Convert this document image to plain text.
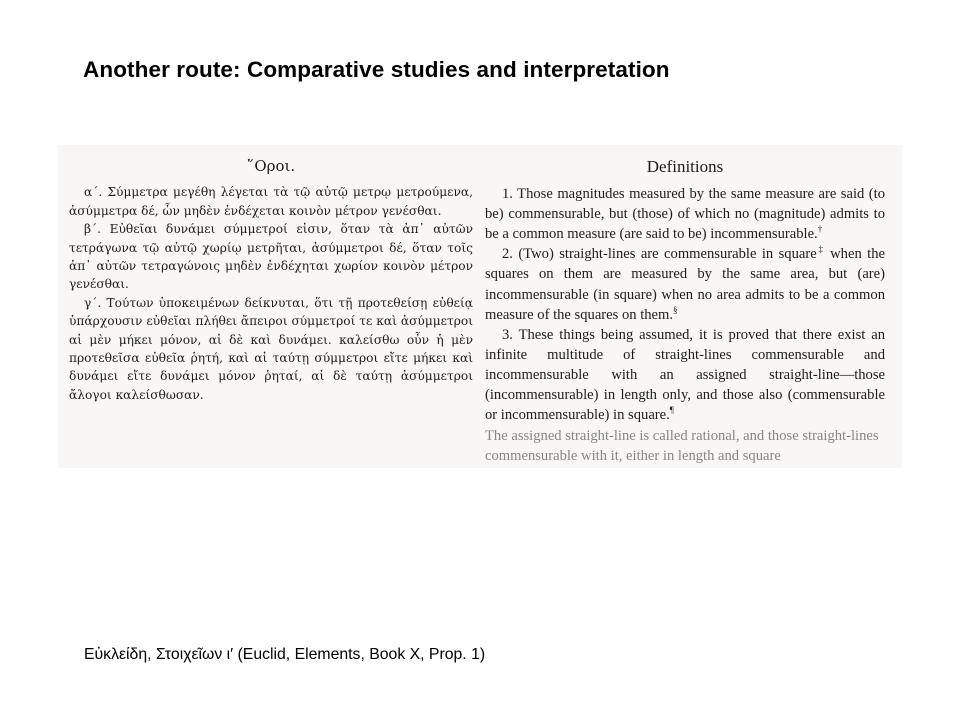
Another route: Comparative studies and interpretation
῞Οροι.

α΄. Σύμμετρα μεγέθη λέγεται τὰ τῷ αὐτῷ μετρῳ μετρούμενα, ἀσύμμετρα δέ, ὧν μηδὲν ἐνδέχεται κοινὸν μέτρον γενέσθαι.

β΄. Εὐθεῖαι δυνάμει σύμμετροί εἰσιν, ὅταν τὰ ἀπ᾿ αὐτῶν τετράγωνα τῷ αὐτῷ χωρίῳ μετρῆται, ἀσύμμετροι δέ, ὅταν τοῖς ἀπ᾿ αὐτῶν τετραγώνοις μηδὲν ἐνδέχηται χωρίον κοινὸν μέτρον γενέσθαι.

γ΄. Τούτων ὑποκειμένων δείκνυται, ὅτι τῇ προτεθείσῃ εὐθείᾳ ὑπάρχουσιν εὐθεῖαι πλήθει ἄπειροι σύμμετροί τε καὶ ἀσύμμετροι αἱ μὲν μήκει μόνον, αἱ δὲ καὶ δυνάμει. καλείσθω οὖν ἡ μὲν προτεθεῖσα εὐθεῖα ῥητή, καὶ αἱ ταύτῃ σύμμετροι εἴτε μήκει καὶ δυνάμει εἴτε δυνάμει μόνον ῥηταί, αἱ δὲ ταύτῃ ἀσύμμετροι ἄλογοι καλείσθωσαν.

Definitions

1. Those magnitudes measured by the same measure are said (to be) commensurable, but (those) of which no (magnitude) admits to be a common measure (are said to be) incommensurable.†

2. (Two) straight-lines are commensurable in square‡ when the squares on them are measured by the same area, but (are) incommensurable (in square) when no area admits to be a common measure of the squares on them.§

3. These things being assumed, it is proved that there exist an infinite multitude of straight-lines commensurable and incommensurable with an assigned straight-line—those (incommensurable) in length only, and those also (commensurable or incommensurable) in square.¶

The assigned straight-line is called rational, and those straight-lines commensurable with it, either in length and square
Εὐκλείδη, Στοιχεῖων ι′ (Euclid, Elements, Book X, Prop. 1)
